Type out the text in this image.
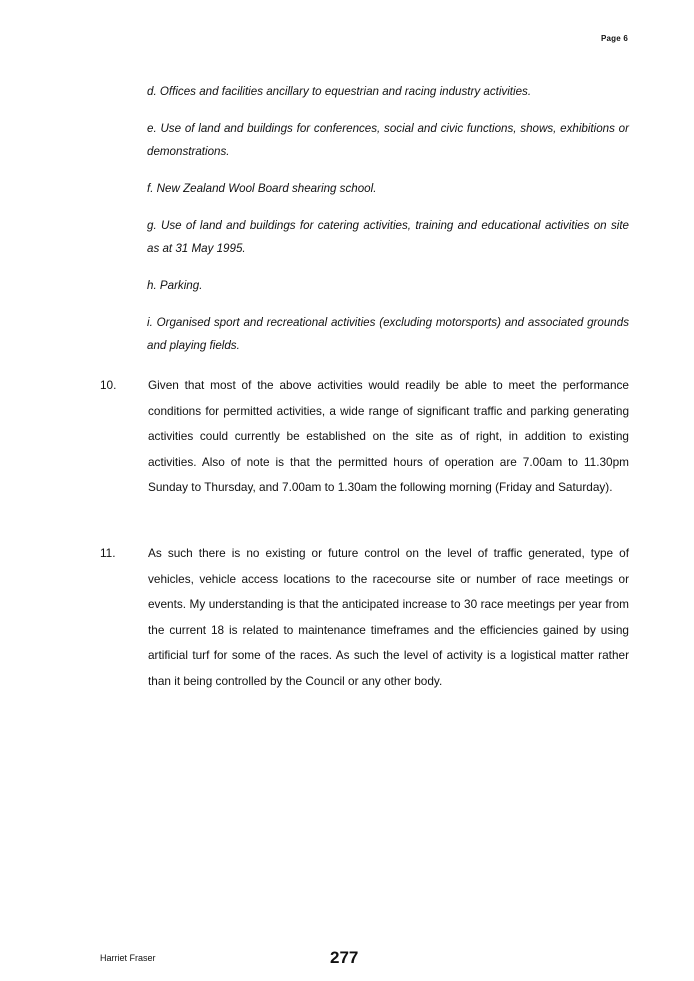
Page 6

d. Offices and facilities ancillary to equestrian and racing industry activities.

e. Use of land and buildings for conferences, social and civic functions, shows, exhibitions or demonstrations.

f. New Zealand Wool Board shearing school.

g. Use of land and buildings for catering activities, training and educational activities on site as at 31 May 1995.

h. Parking.

i. Organised sport and recreational activities (excluding motorsports) and associated grounds and playing fields.

10.	Given that most of the above activities would readily be able to meet the performance conditions for permitted activities, a wide range of significant traffic and parking generating activities could currently be established on the site as of right, in addition to existing activities. Also of note is that the permitted hours of operation are 7.00am to 11.30pm Sunday to Thursday, and 7.00am to 1.30am the following morning (Friday and Saturday).
11.	As such there is no existing or future control on the level of traffic generated, type of vehicles, vehicle access locations to the racecourse site or number of race meetings or events. My understanding is that the anticipated increase to 30 race meetings per year from the current 18 is related to maintenance timeframes and the efficiencies gained by using artificial turf for some of the races. As such the level of activity is a logistical matter rather than it being controlled by the Council or any other body.
Harriet Fraser	277
